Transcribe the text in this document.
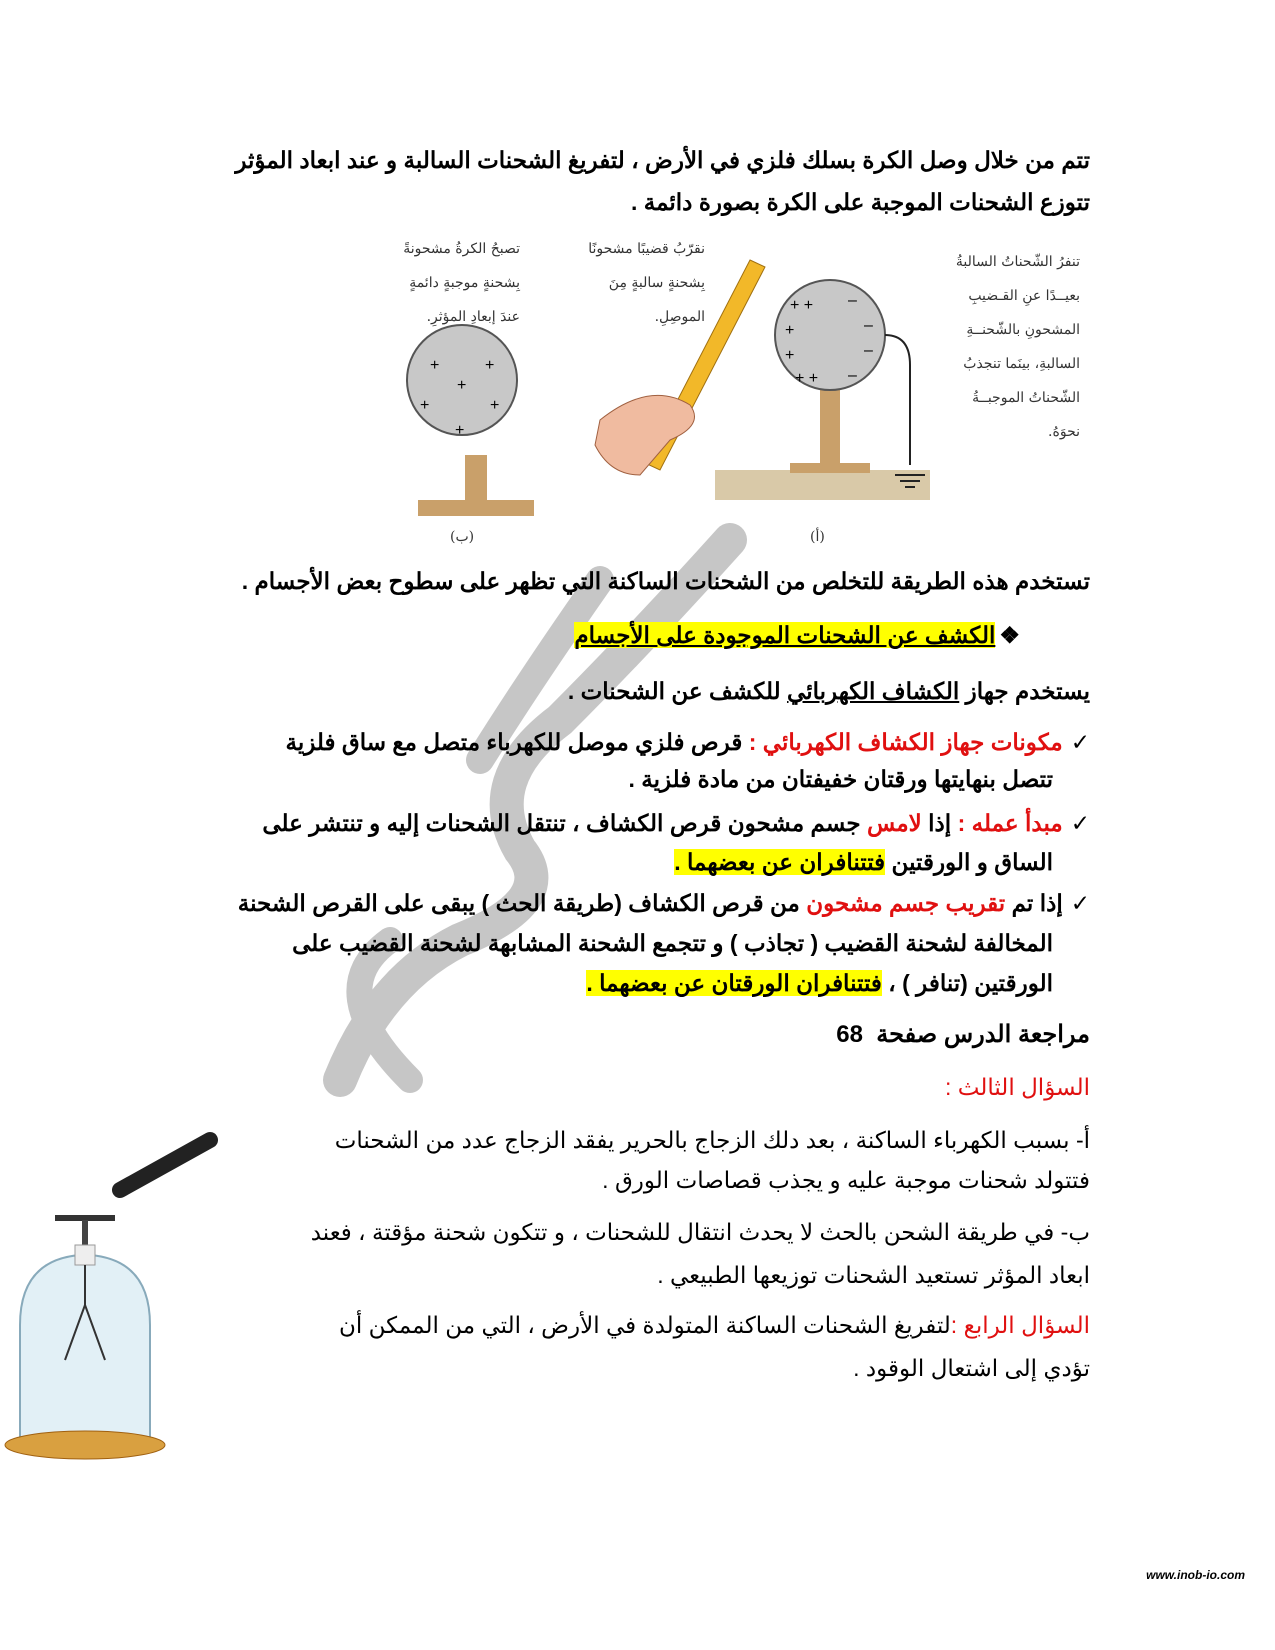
تتم من خلال وصل الكرة بسلك فلزي في الأرض ، لتفريغ الشحنات السالبة و عند ابعاد المؤثر
تتوزع الشحنات الموجبة على الكرة بصورة دائمة .
+ +
+
+
+ +
–
–
–
–
+	+
+
+	+
+
تصبحُ الكرةُ مشحونةً
بِشحنةٍ موجبةٍ دائمةٍ
عندَ إبعادِ المؤثرِ.
نقرّبُ قضيبًا مشحونًا
بِشحنةٍ سالبةٍ مِنَ
الموصِلِ.
تنفرُ الشّحناتُ السالبةُ
بعيــدًا عنِ القـضيبِ
المشحونِ بالشّحنــةِ
السالبةِ، بينَما تنجذبُ
الشّحناتُ الموجبــةُ
نحوَهُ.
(ب)	(أ)
تستخدم هذه الطريقة للتخلص من الشحنات الساكنة التي تظهر على سطوح بعض الأجسام .
❖الكشف عن الشحنات الموجودة على الأجسام
يستخدم جهاز الكشاف الكهربائي للكشف عن الشحنات .
✓مكونات جهاز الكشاف الكهربائي : قرص فلزي موصل للكهرباء متصل مع ساق فلزية
تتصل بنهايتها ورقتان خفيفتان من مادة فلزية .
✓مبدأ عمله : إذا لامس جسم مشحون قرص الكشاف ، تنتقل الشحنات إليه و تنتشر على
الساق و الورقتين فتتنافران عن بعضهما .
✓إذا تم تقريب جسم مشحون من قرص الكشاف (طريقة الحث ) يبقى على القرص الشحنة
المخالفة لشحنة القضيب ( تجاذب ) و تتجمع الشحنة المشابهة لشحنة القضيب على
الورقتين (تنافر ) ، فتتنافران الورقتان عن بعضهما .
مراجعة الدرس صفحة  68
السؤال الثالث :
أ- بسبب الكهرباء الساكنة ، بعد دلك الزجاج بالحرير يفقد الزجاج عدد من الشحنات
فتتولد شحنات موجبة عليه و يجذب قصاصات الورق .
ب- في طريقة الشحن بالحث لا يحدث انتقال للشحنات ، و تتكون شحنة مؤقتة ، فعند
ابعاد المؤثر تستعيد الشحنات توزيعها الطبيعي .
السؤال الرابع :لتفريغ الشحنات الساكنة المتولدة في الأرض ، التي من الممكن أن
تؤدي إلى اشتعال الوقود .
www.inob-io.com
